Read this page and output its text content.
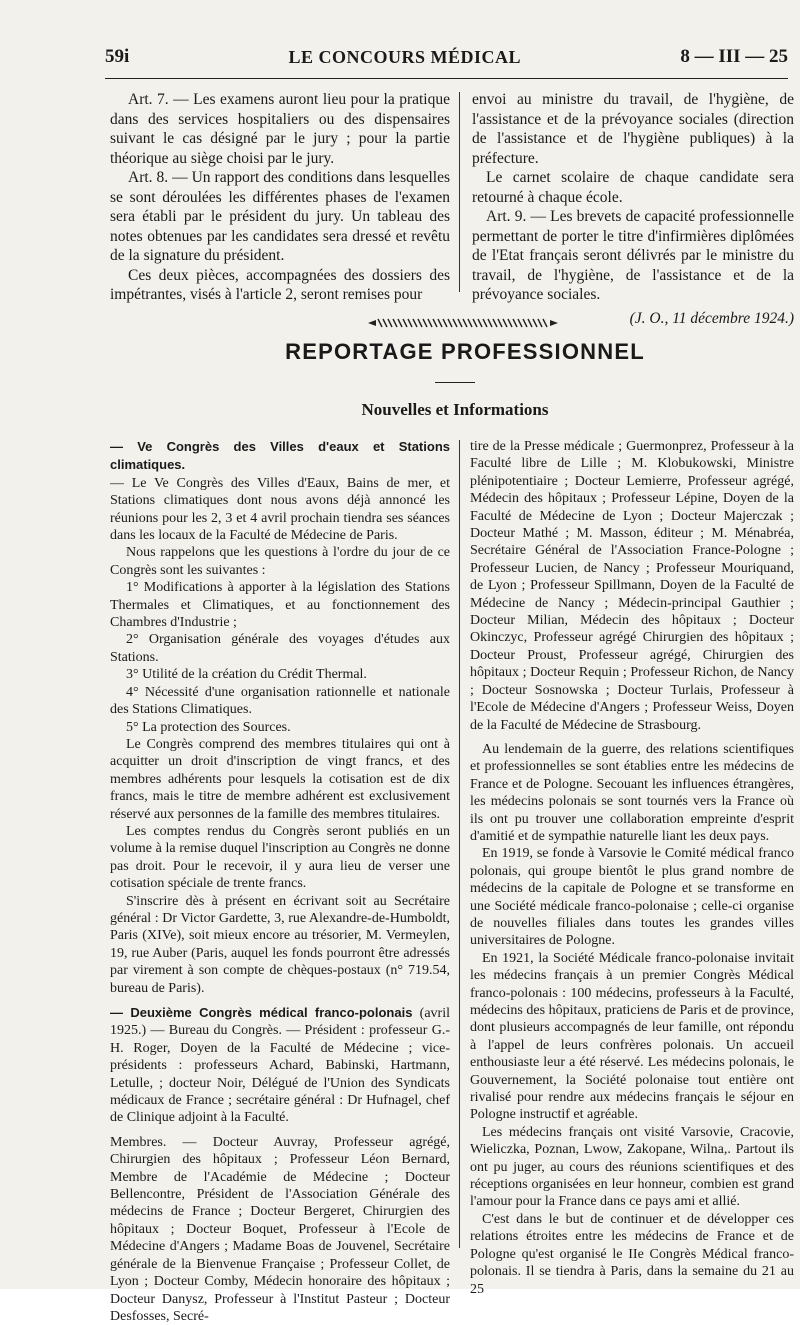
59i	LE CONCOURS MÉDICAL	8 — III — 25

Art. 7. — Les examens auront lieu pour la pratique dans des services hospitaliers ou des dispensaires suivant le cas désigné par le jury ; pour la partie théorique au siège choisi par le jury.

Art. 8. — Un rapport des conditions dans lesquelles se sont déroulées les différentes phases de l'examen sera établi par le président du jury. Un tableau des notes obtenues par les candidates sera dressé et revêtu de la signature du président.

Ces deux pièces, accompagnées des dossiers des impétrantes, visés à l'article 2, seront remises pour

envoi au ministre du travail, de l'hygiène, de l'assistance et de la prévoyance sociales (direction de l'assistance et de l'hygiène publiques) à la préfecture.

Le carnet scolaire de chaque candidate sera retourné à chaque école.

Art. 9. — Les brevets de capacité professionnelle permettant de porter le titre d'infirmières diplômées de l'Etat français seront délivrés par le ministre du travail, de l'hygiène, de l'assistance et de la prévoyance sociales.

(J. O., 11 décembre 1924.)

REPORTAGE PROFESSIONNEL
Nouvelles et Informations

— Ve Congrès des Villes d'eaux et Stations climatiques.

— Le Ve Congrès des Villes d'Eaux, Bains de mer, et Stations climatiques dont nous avons déjà annoncé les réunions pour les 2, 3 et 4 avril prochain tiendra ses séances dans les locaux de la Faculté de Médecine de Paris.

Nous rappelons que les questions à l'ordre du jour de ce Congrès sont les suivantes :

1° Modifications à apporter à la législation des Stations Thermales et Climatiques, et au fonctionnement des Chambres d'Industrie ;

2° Organisation générale des voyages d'études aux Stations.

3° Utilité de la création du Crédit Thermal.

4° Nécessité d'une organisation rationnelle et nationale des Stations Climatiques.

5° La protection des Sources.

Le Congrès comprend des membres titulaires qui ont à acquitter un droit d'inscription de vingt francs, et des membres adhérents pour lesquels la cotisation est de dix francs, mais le titre de membre adhérent est exclusivement réservé aux personnes de la famille des membres titulaires.

Les comptes rendus du Congrès seront publiés en un volume à la remise duquel l'inscription au Congrès ne donne pas droit. Pour le recevoir, il y aura lieu de verser une cotisation spéciale de trente francs.

S'inscrire dès à présent en écrivant soit au Secrétaire général : Dr Victor Gardette, 3, rue Alexandre-de-Humboldt, Paris (XIVe), soit mieux encore au trésorier, M. Vermeylen, 19, rue Auber (Paris, auquel les fonds pourront être adressés par virement à son compte de chèques-postaux (n° 719.54, bureau de Paris).

— Deuxième Congrès médical franco-polonais (avril 1925.) — Bureau du Congrès. — Président : professeur G.-H. Roger, Doyen de la Faculté de Médecine ; vice-présidents : professeurs Achard, Babinski, Hartmann, Letulle, ; docteur Noir, Délégué de l'Union des Syndicats médicaux de France ; secrétaire général : Dr Hufnagel, chef de Clinique adjoint à la Faculté.

Membres. — Docteur Auvray, Professeur agrégé, Chirurgien des hôpitaux ; Professeur Léon Bernard, Membre de l'Académie de Médecine ; Docteur Bellencontre, Président de l'Association Générale des médecins de France ; Docteur Bergeret, Chirurgien des hôpitaux ; Docteur Boquet, Professeur à l'Ecole de Médecine d'Angers ; Madame Boas de Jouvenel, Secrétaire générale de la Bienvenue Française ; Professeur Collet, de Lyon ; Docteur Comby, Médecin honoraire des hôpitaux ; Docteur Danysz, Professeur à l'Institut Pasteur ; Docteur Desfosses, Secré-

tire de la Presse médicale ; Guermonprez, Professeur à la Faculté libre de Lille ; M. Klobukowski, Ministre plénipotentiaire ; Docteur Lemierre, Professeur agrégé, Médecin des hôpitaux ; Professeur Lépine, Doyen de la Faculté de Médecine de Lyon ; Docteur Majerczak ; Docteur Mathé ; M. Masson, éditeur ; M. Ménabréa, Secrétaire Général de l'Association France-Pologne ; Professeur Lucien, de Nancy ; Professeur Mouriquand, de Lyon ; Professeur Spillmann, Doyen de la Faculté de Médecine de Nancy ; Médecin-principal Gauthier ; Docteur Milian, Médecin des hôpitaux ; Docteur Okinczyc, Professeur agrégé Chirurgien des hôpitaux ; Docteur Proust, Professeur agrégé, Chirurgien des hôpitaux ; Docteur Requin ; Professeur Richon, de Nancy ; Docteur Sosnowska ; Docteur Turlais, Professeur à l'Ecole de Médecine d'Angers ; Professeur Weiss, Doyen de la Faculté de Médecine de Strasbourg.

Au lendemain de la guerre, des relations scientifiques et professionnelles se sont établies entre les médecins de France et de Pologne. Secouant les influences étrangères, les médecins polonais se sont tournés vers la France où ils ont pu trouver une collaboration empreinte d'esprit d'amitié et de sympathie naturelle liant les deux pays.

En 1919, se fonde à Varsovie le Comité médical franco polonais, qui groupe bientôt le plus grand nombre de médecins de la capitale de Pologne et se transforme en une Société médicale franco-polonaise ; celle-ci organise de nouvelles filiales dans toutes les grandes villes universitaires de Pologne.

En 1921, la Société Médicale franco-polonaise invitait les médecins français à un premier Congrès Médical franco-polonais : 100 médecins, professeurs à la Faculté, médecins des hôpitaux, praticiens de Paris et de province, dont plusieurs accompagnés de leur famille, ont répondu à l'appel de leurs confrères polonais. Un accueil enthousiaste leur a été réservé. Les médecins polonais, le Gouvernement, la Société polonaise tout entière ont rivalisé pour rendre aux médecins français le séjour en Pologne instructif et agréable.

Les médecins français ont visité Varsovie, Cracovie, Wieliczka, Poznan, Lwow, Zakopane, Wilna,. Partout ils ont pu juger, au cours des réunions scientifiques et des réceptions organisées en leur honneur, combien est grand l'amour pour la France dans ce pays ami et allié.

C'est dans le but de continuer et de développer ces relations étroites entre les médecins de France et de Pologne qu'est organisé le IIe Congrès Médical franco-polonais. Il se tiendra à Paris, dans la semaine du 21 au 25
